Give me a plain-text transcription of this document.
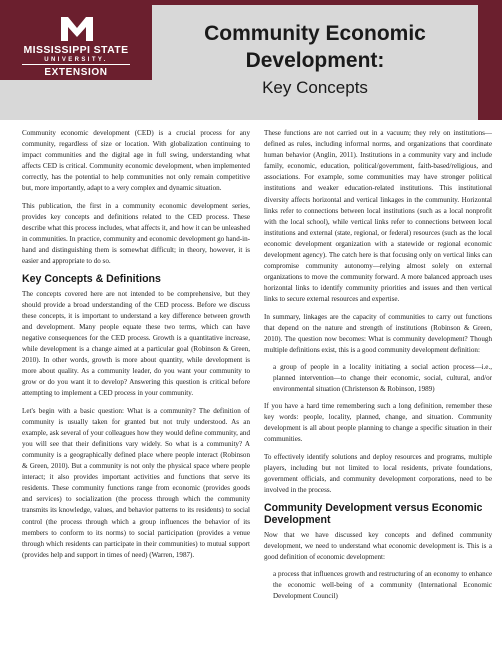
MISSISSIPPI STATE
UNIVERSITY.
EXTENSION
Community Economic
Development:
Key Concepts

Community economic development (CED) is a crucial process for any community, regardless of size or location. With globalization continuing to impact communities and the digital age in full swing, understanding what affects CED is critical. Community economic development, when implemented correctly, has the potential to help communities not only remain competitive but, more importantly, adapt to a very complex and dynamic situation.

This publication, the first in a community economic development series, provides key concepts and definitions related to the CED process. These describe what this process includes, what affects it, and how it can be unleashed in communities. In practice, community and economic development go hand-in-hand and distinguishing them is somewhat difficult; in theory, however, it is easier and appropriate to do so.

Key Concepts & Definitions

The concepts covered here are not intended to be comprehensive, but they should provide a broad understanding of the CED process. Before we discuss these concepts, it is important to understand a key difference between growth and development. Many people equate these two terms, which can have negative consequences for the CED process. Growth is a quantitative increase, while development is a change aimed at a particular goal (Robinson & Green, 2010). In other words, growth is more about quantity, while development is more about quality. As a community leader, do you want your community to grow or do you want it to develop? Answering this question is critical before attempting to implement a CED process in your community.

Let's begin with a basic question: What is a community? The definition of community is usually taken for granted but not truly understood. As an example, ask several of your colleagues how they would define community, and you will see that their definitions vary widely. So what is a community? A community is a geographically defined place where people interact (Robinson & Green, 2010). But a community is not only the physical space where people interact; it also provides important activities and functions that serve its residents. These community functions range from economic (provides goods and services) to socialization (the process through which the community transmits its knowledge, values, and behavior patterns to its residents) to social control (the process through which a group influences the behavior of its members to conform to its norms) to social participation (provides a venue through which residents can participate in their communities) to mutual support (provides help and support in times of need) (Warren, 1987).

These functions are not carried out in a vacuum; they rely on institutions—defined as rules, including informal norms, and organizations that coordinate human behavior (Anglin, 2011). Institutions in a community vary and include family, economic, education, political/government, faith-based/religious, and associations. For example, some communities may have stronger political institutions and weaker education-related institutions. This institutional diversity affects horizontal and vertical linkages in the community. Horizontal links refer to connections between local institutions (such as a local nonprofit with the local school), while vertical links refer to connections between local institutions and external (state, regional, or federal) resources (such as the local economic development organization with a statewide or regional economic development agency). The catch here is that focusing only on vertical links can compromise community autonomy—relying almost solely on external organizations to move the community forward. A more balanced approach uses horizontal links to identify community priorities and issues and then vertical links to secure external resources and expertise.

In summary, linkages are the capacity of communities to carry out functions that depend on the nature and strength of institutions (Robinson & Green, 2010). The question now becomes: What is community development? Though multiple definitions exist, this is a good community development definition:

a group of people in a locality initiating a social action process—i.e., planned intervention—to change their economic, social, cultural, and/or environmental situation (Christenson & Robinson, 1989)

If you have a hard time remembering such a long definition, remember these key words: people, locality, planned, change, and situation. Community development is all about people planning to change a specific situation in their communities.

To effectively identify solutions and deploy resources and programs, multiple players, including but not limited to local residents, private foundations, government officials, and community development corporations, need to be involved in the process.

Community Development versus Economic Development

Now that we have discussed key concepts and defined community development, we need to understand what economic development is. This is a good definition of economic development:

a process that influences growth and restructuring of an economy to enhance the economic well-being of a community (International Economic Development Council)
